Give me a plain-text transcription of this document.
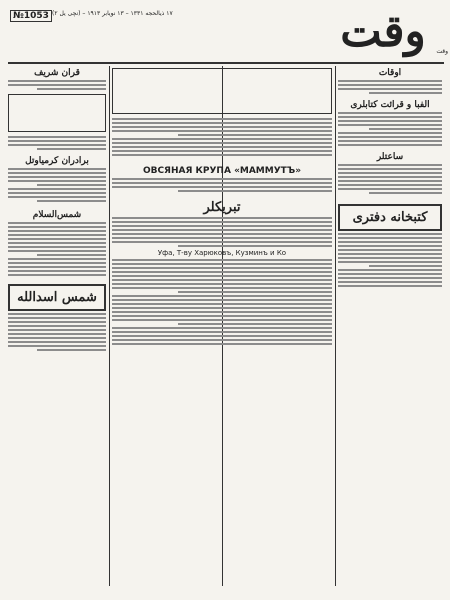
№1053 (۲ نچی یل) – ۱۷ ذیالحجه ۱۳۳۱ – ۱۳ نویابر ۱۹۱۳	وقت	وقت
قرآن شریف
برادران کرمیاوتل
شمس‌السلام
شمس اسدالله
ОВСЯНАЯ КРУПА «МАММУТЪ»
تبریکلر
Уфа, Т-ву Харюковъ, Кузминъ и Ко
اوقات
الفبا و قرائت کتابلری
ساعتلر
کتبخانه دفتری
